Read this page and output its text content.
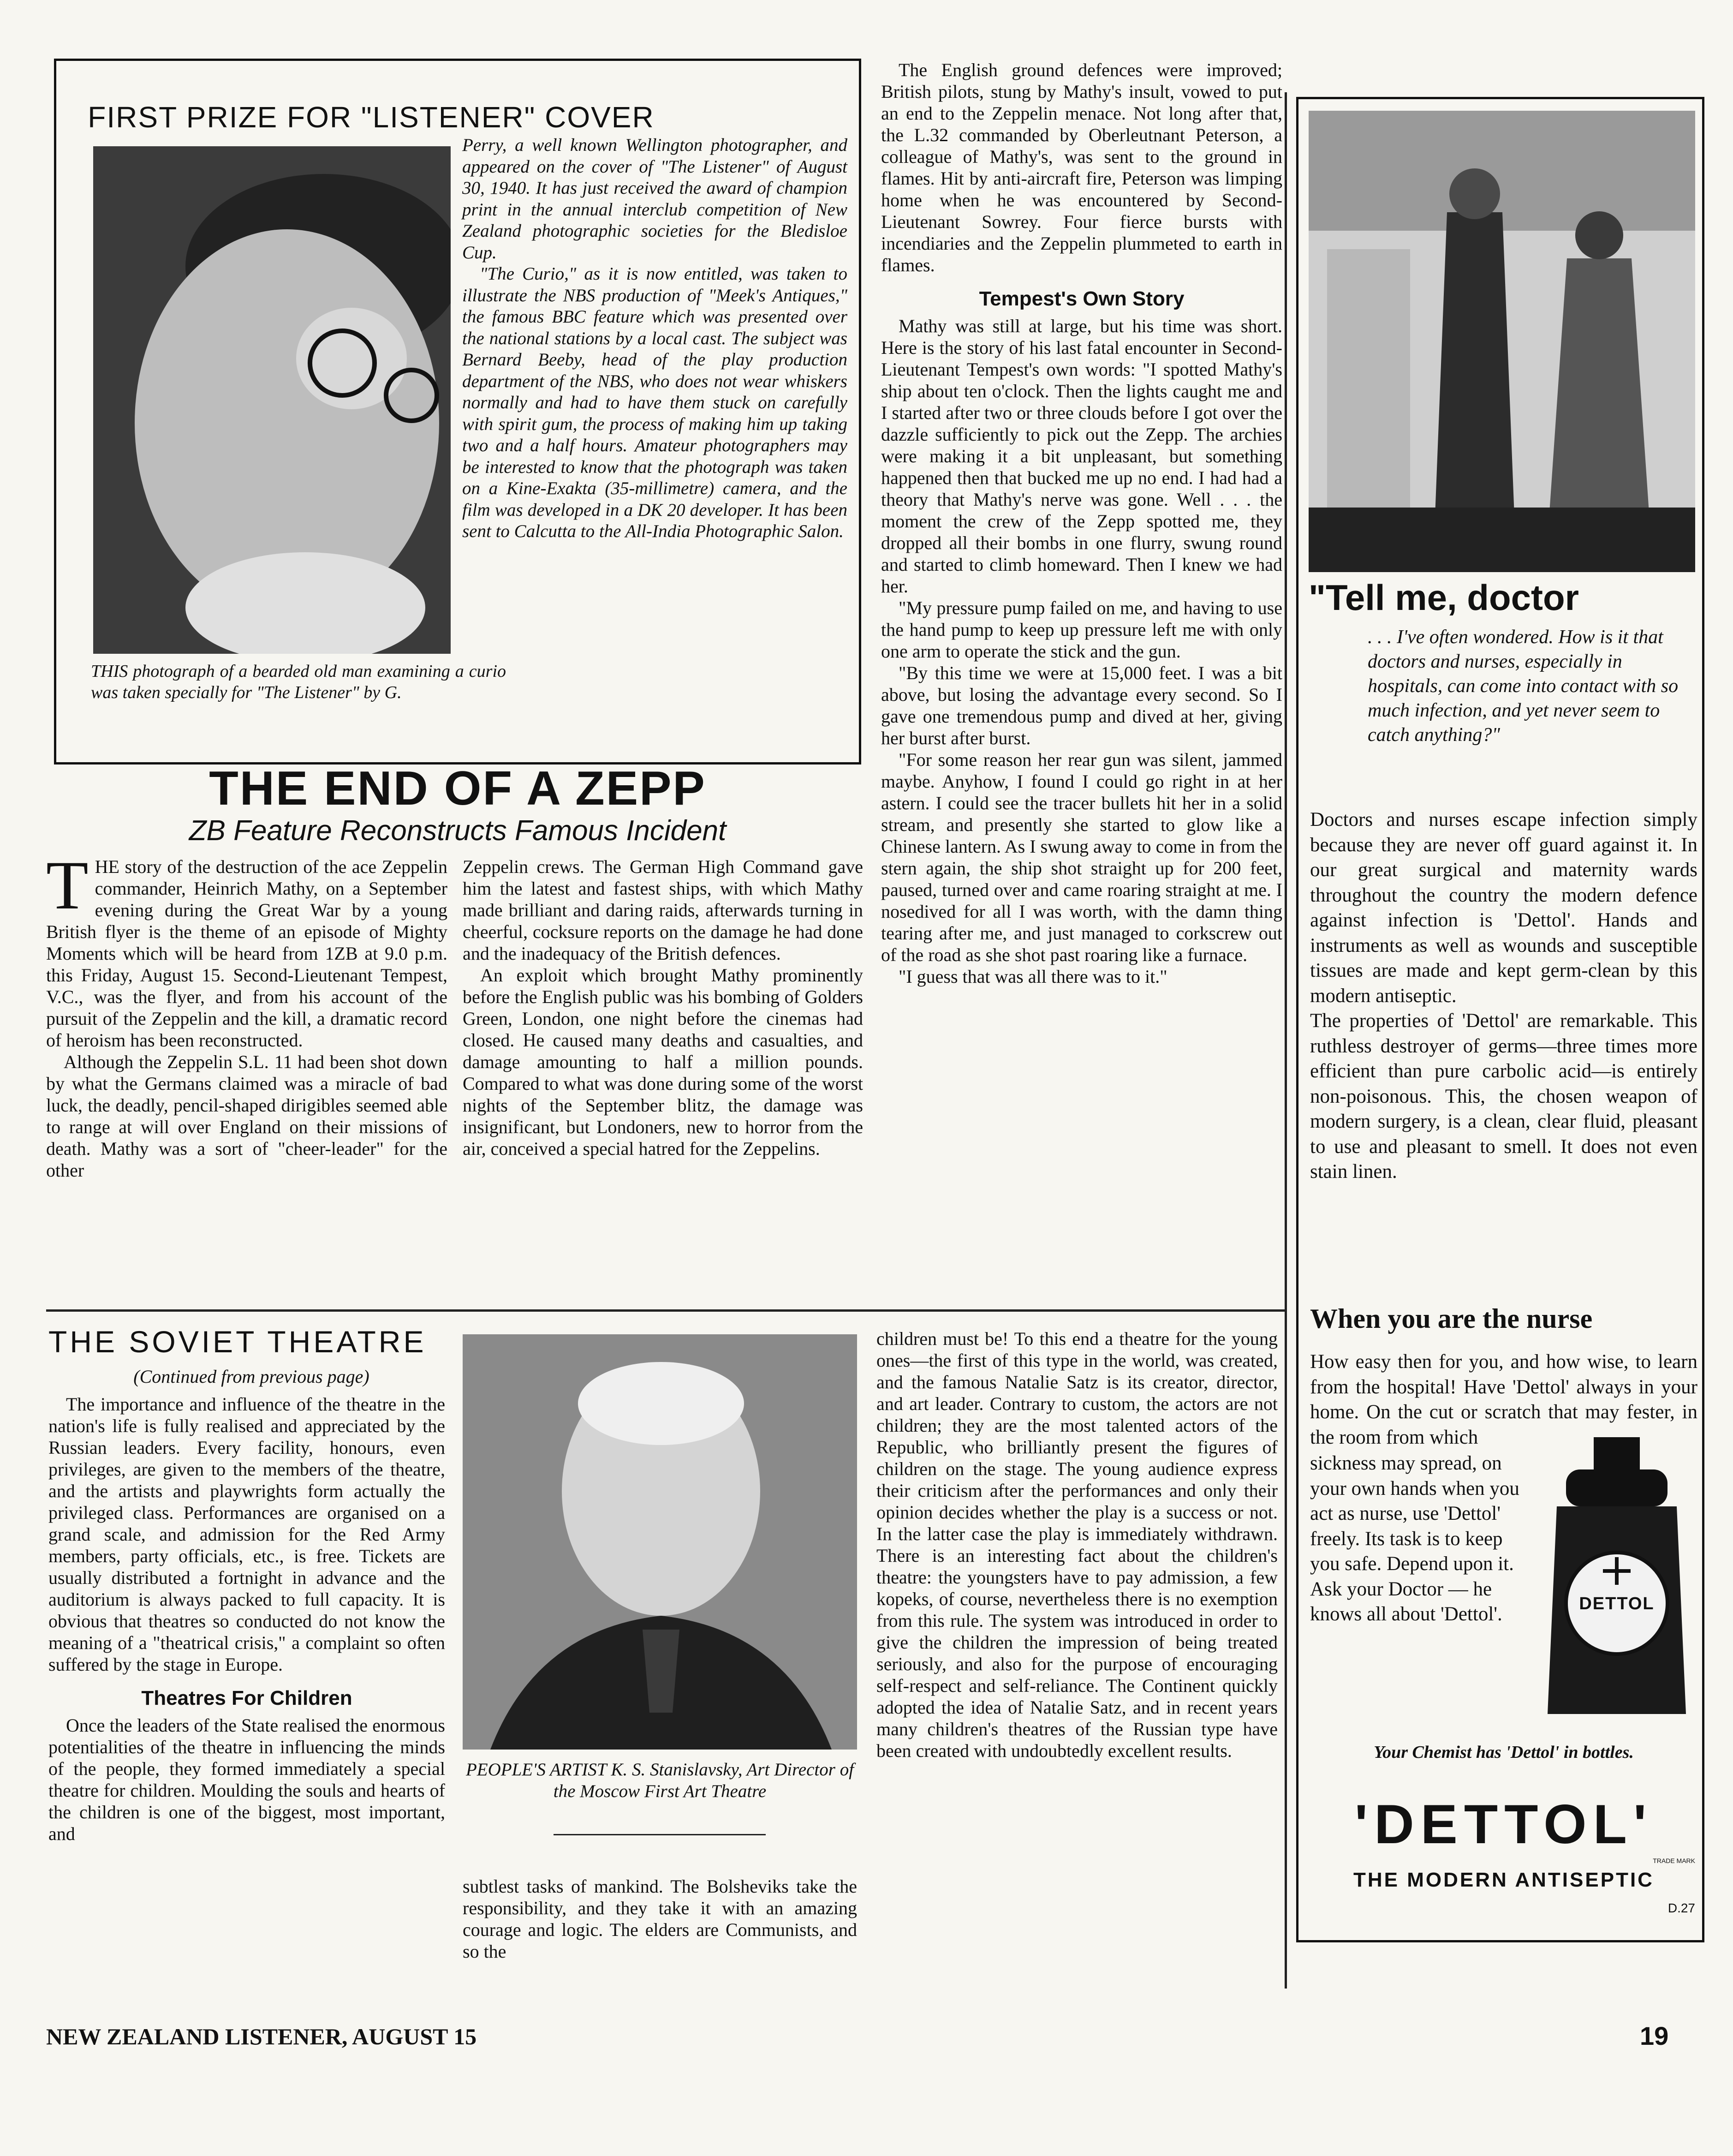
FIRST PRIZE FOR "LISTENER" COVER
THIS photograph of a bearded old man examining a curio was taken specially for "The Listener" by G.

Perry, a well known Wellington photographer, and appeared on the cover of "The Listener" of August 30, 1940. It has just received the award of champion print in the annual interclub competition of New Zealand photographic societies for the Bledisloe Cup.

"The Curio," as it is now entitled, was taken to illustrate the NBS production of "Meek's Antiques," the famous BBC feature which was presented over the national stations by a local cast. The subject was Bernard Beeby, head of the play production department of the NBS, who does not wear whiskers normally and had to have them stuck on carefully with spirit gum, the process of making him up taking two and a half hours. Amateur photographers may be interested to know that the photograph was taken on a Kine-Exakta (35-millimetre) camera, and the film was developed in a DK 20 developer. It has been sent to Calcutta to the All-India Photographic Salon.

THE END OF A ZEPP
ZB Feature Reconstructs Famous Incident

THE story of the destruction of the ace Zeppelin commander, Heinrich Mathy, on a September evening during the Great War by a young British flyer is the theme of an episode of Mighty Moments which will be heard from 1ZB at 9.0 p.m. this Friday, August 15. Second-Lieutenant Tempest, V.C., was the flyer, and from his account of the pursuit of the Zeppelin and the kill, a dramatic record of heroism has been reconstructed.

Although the Zeppelin S.L. 11 had been shot down by what the Germans claimed was a miracle of bad luck, the deadly, pencil-shaped dirigibles seemed able to range at will over England on their missions of death. Mathy was a sort of "cheer-leader" for the other

Zeppelin crews. The German High Command gave him the latest and fastest ships, with which Mathy made brilliant and daring raids, afterwards turning in cheerful, cocksure reports on the damage he had done and the inadequacy of the British defences.

An exploit which brought Mathy prominently before the English public was his bombing of Golders Green, London, one night before the cinemas had closed. He caused many deaths and casualties, and damage amounting to half a million pounds. Compared to what was done during some of the worst nights of the September blitz, the damage was insignificant, but Londoners, new to horror from the air, conceived a special hatred for the Zeppelins.

The English ground defences were improved; British pilots, stung by Mathy's insult, vowed to put an end to the Zeppelin menace. Not long after that, the L.32 commanded by Oberleutnant Peterson, a colleague of Mathy's, was sent to the ground in flames. Hit by anti-aircraft fire, Peterson was limping home when he was encountered by Second-Lieutenant Sowrey. Four fierce bursts with incendiaries and the Zeppelin plummeted to earth in flames.

Tempest's Own Story

Mathy was still at large, but his time was short. Here is the story of his last fatal encounter in Second-Lieutenant Tempest's own words: "I spotted Mathy's ship about ten o'clock. Then the lights caught me and I started after two or three clouds before I got over the dazzle sufficiently to pick out the Zepp. The archies were making it a bit unpleasant, but something happened then that bucked me up no end. I had had a theory that Mathy's nerve was gone. Well . . . the moment the crew of the Zepp spotted me, they dropped all their bombs in one flurry, swung round and started to climb homeward. Then I knew we had her.

"My pressure pump failed on me, and having to use the hand pump to keep up pressure left me with only one arm to operate the stick and the gun.

"By this time we were at 15,000 feet. I was a bit above, but losing the advantage every second. So I gave one tremendous pump and dived at her, giving her burst after burst.

"For some reason her rear gun was silent, jammed maybe. Anyhow, I found I could go right in at her astern. I could see the tracer bullets hit her in a solid stream, and presently she started to glow like a Chinese lantern. As I swung away to come in from the stern again, the ship shot straight up for 200 feet, paused, turned over and came roaring straight at me. I nosedived for all I was worth, with the damn thing tearing after me, and just managed to corkscrew out of the road as she shot past roaring like a furnace.

"I guess that was all there was to it."

THE SOVIET THEATRE
(Continued from previous page)

The importance and influence of the theatre in the nation's life is fully realised and appreciated by the Russian leaders. Every facility, honours, even privileges, are given to the members of the theatre, and the artists and playwrights form actually the privileged class. Performances are organised on a grand scale, and admission for the Red Army members, party officials, etc., is free. Tickets are usually distributed a fortnight in advance and the auditorium is always packed to full capacity. It is obvious that theatres so conducted do not know the meaning of a "theatrical crisis," a complaint so often suffered by the stage in Europe.

Theatres For Children

Once the leaders of the State realised the enormous potentialities of the theatre in influencing the minds of the people, they formed immediately a special theatre for children. Moulding the souls and hearts of the children is one of the biggest, most important, and

PEOPLE'S ARTIST K. S. Stanislavsky, Art Director of the Moscow First Art Theatre

subtlest tasks of mankind. The Bolsheviks take the responsibility, and they take it with an amazing courage and logic. The elders are Communists, and so the

children must be! To this end a theatre for the young ones—the first of this type in the world, was created, and the famous Natalie Satz is its creator, director, and art leader. Contrary to custom, the actors are not children; they are the most talented actors of the Republic, who brilliantly present the figures of children on the stage. The young audience express their criticism after the performances and only their opinion decides whether the play is a success or not. In the latter case the play is immediately withdrawn. There is an interesting fact about the children's theatre: the youngsters have to pay admission, a few kopeks, of course, nevertheless there is no exemption from this rule. The system was introduced in order to give the children the impression of being treated seriously, and also for the purpose of encouraging self-respect and self-reliance. The Continent quickly adopted the idea of Natalie Satz, and in recent years many children's theatres of the Russian type have been created with undoubtedly excellent results.

"Tell me, doctor
. . . I've often wondered. How is it that doctors and nurses, especially in hospitals, can come into contact with so much infection, and yet never seem to catch anything?"

Doctors and nurses escape infection simply because they are never off guard against it. In our great surgical and maternity wards throughout the country the modern defence against infection is 'Dettol'. Hands and instruments as well as wounds and susceptible tissues are made and kept germ-clean by this modern antiseptic.

The properties of 'Dettol' are remarkable. This ruthless destroyer of germs—three times more efficient than pure carbolic acid—is entirely non-poisonous. This, the chosen weapon of modern surgery, is a clean, clear fluid, pleasant to use and pleasant to smell. It does not even stain linen.

When you are the nurse
How easy then for you, and how wise, to learn from the hospital! Have 'Dettol' always in your home. On the cut or scratch that may fester, in the room from which
sickness may spread, on your own hands when you act as nurse, use 'Dettol' freely. Its task is to keep you safe. Depend upon it. Ask your Doctor — he knows all about 'Dettol'.	DETTOL
Your Chemist has 'Dettol' in bottles.
'DETTOL'
TRADE MARK
THE MODERN ANTISEPTIC
D.27
NEW ZEALAND LISTENER, AUGUST 15	19
